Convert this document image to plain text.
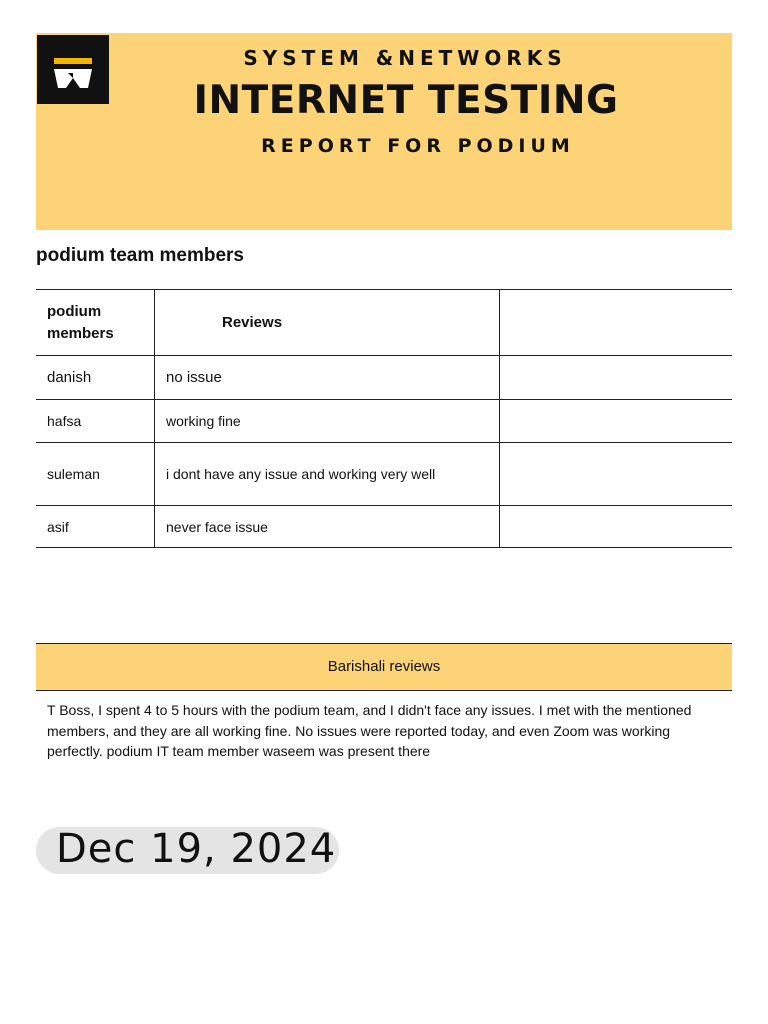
SYSTEM &NETWORKS
INTERNET TESTING
REPORT FOR PODIUM
podium team members
podium members	Reviews	
danish	no issue	
hafsa	working fine	
suleman	i dont have any issue and working very well	
asif	never face issue	
Barishali reviews
T Boss, I spent 4 to 5 hours with the podium team, and I didn't face any issues. I met with the mentioned members, and they are all working fine. No issues were reported today, and even Zoom was working perfectly. podium IT team member waseem was present there
Dec 19, 2024
